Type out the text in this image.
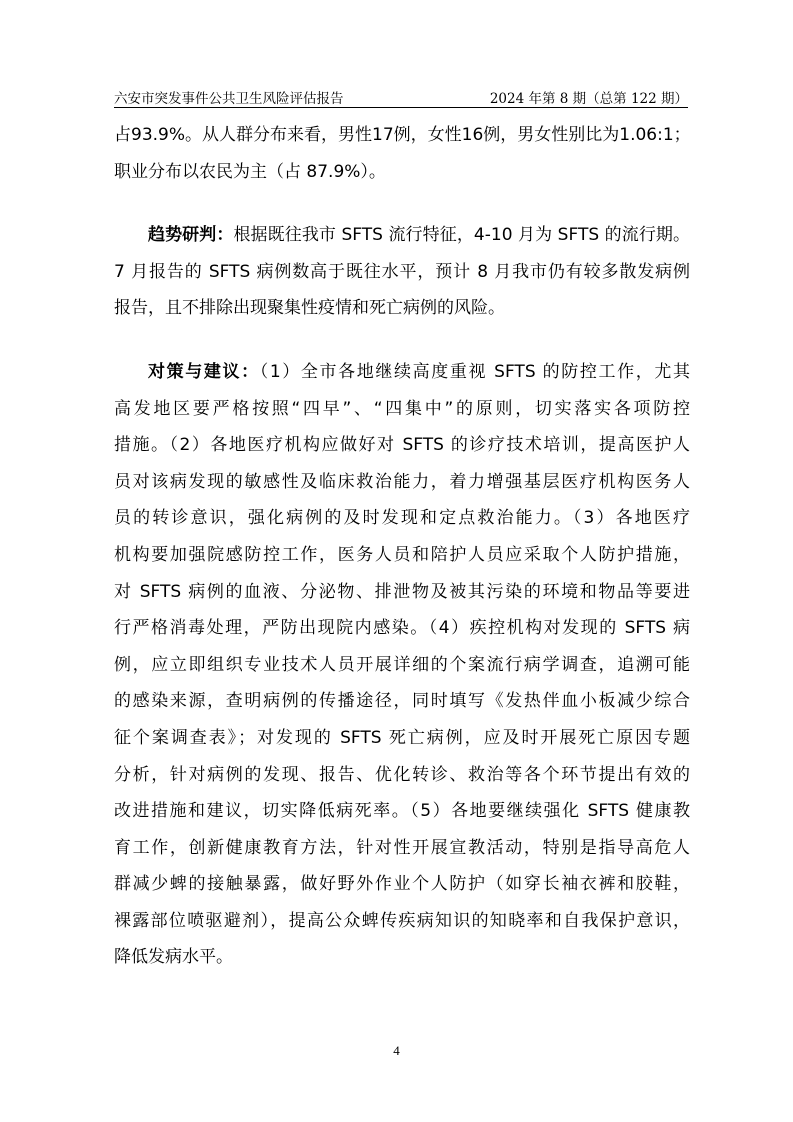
六安市突发事件公共卫生风险评估报告	2024 年第 8 期（总第 122 期）
占93.9%。从人群分布来看，男性17例，女性16例，男女性别比为1.06:1；
职业分布以农民为主（占 87.9%）。
趋势研判：根据既往我市 SFTS 流行特征，4-10 月为 SFTS 的流行期。
7 月报告的 SFTS 病例数高于既往水平，预计 8 月我市仍有较多散发病例
报告，且不排除出现聚集性疫情和死亡病例的风险。
对策与建议：（1）全市各地继续高度重视 SFTS 的防控工作，尤其
高发地区要严格按照“四早”、“四集中”的原则，切实落实各项防控
措施。（2）各地医疗机构应做好对 SFTS 的诊疗技术培训，提高医护人
员对该病发现的敏感性及临床救治能力，着力增强基层医疗机构医务人
员的转诊意识，强化病例的及时发现和定点救治能力。（3）各地医疗
机构要加强院感防控工作，医务人员和陪护人员应采取个人防护措施，
对 SFTS 病例的血液、分泌物、排泄物及被其污染的环境和物品等要进
行严格消毒处理，严防出现院内感染。（4）疾控机构对发现的 SFTS 病
例，应立即组织专业技术人员开展详细的个案流行病学调查，追溯可能
的感染来源，查明病例的传播途径，同时填写《发热伴血小板减少综合
征个案调查表》；对发现的 SFTS 死亡病例，应及时开展死亡原因专题
分析，针对病例的发现、报告、优化转诊、救治等各个环节提出有效的
改进措施和建议，切实降低病死率。（5）各地要继续强化 SFTS 健康教
育工作，创新健康教育方法，针对性开展宣教活动，特别是指导高危人
群减少蜱的接触暴露，做好野外作业个人防护（如穿长袖衣裤和胶鞋，
裸露部位喷驱避剂），提高公众蜱传疾病知识的知晓率和自我保护意识，
降低发病水平。
4
